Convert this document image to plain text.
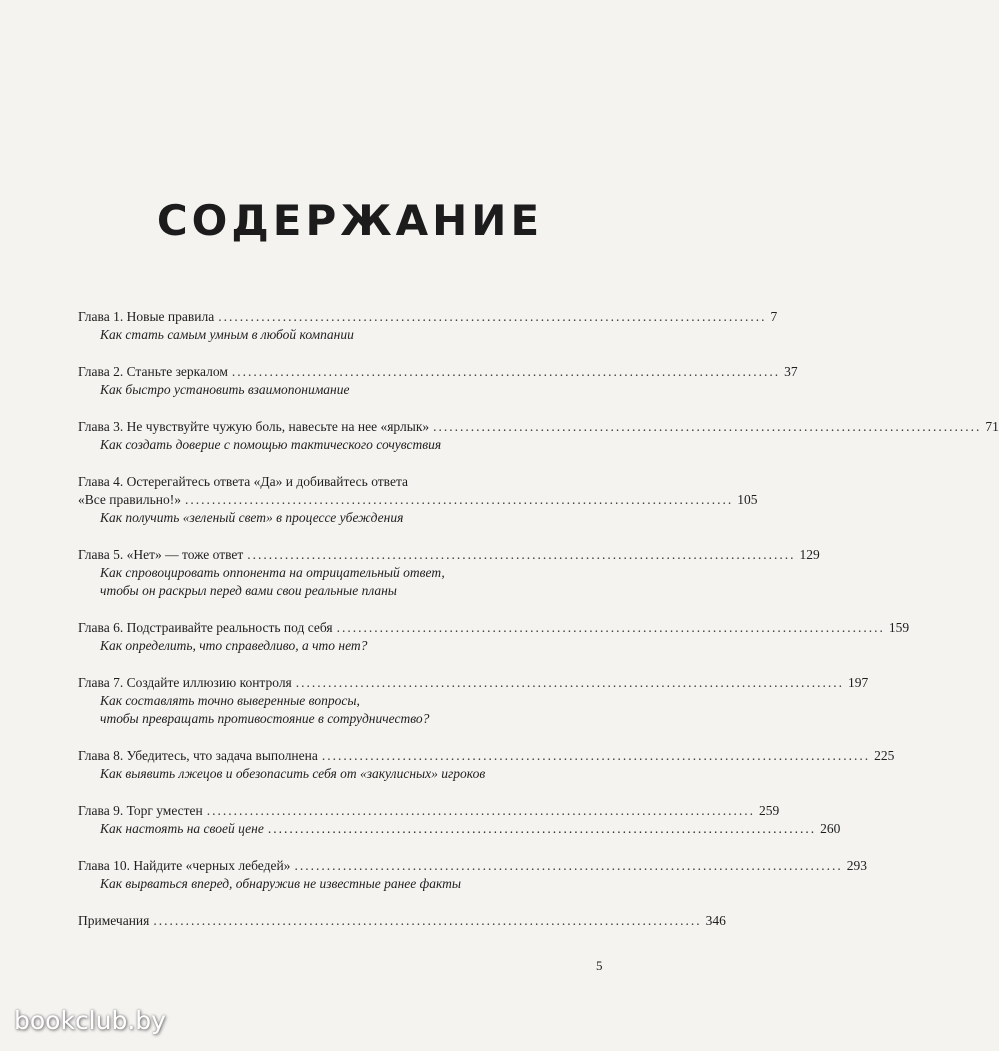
СОДЕРЖАНИЕ
Глава 1. Новые правила ...................................................................................................... 7
Как стать самым умным в любой компании
Глава 2. Станьте зеркалом ...................................................................................................... 37
Как быстро установить взаимопонимание
Глава 3. Не чувствуйте чужую боль, навесьте на нее «ярлык» ...................................................................................................... 71
Как создать доверие с помощью тактического сочувствия
Глава 4. Остерегайтесь ответа «Да» и добивайтесь ответа
«Все правильно!» ...................................................................................................... 105
Как получить «зеленый свет» в процессе убеждения
Глава 5. «Нет» — тоже ответ ...................................................................................................... 129
Как спровоцировать оппонента на отрицательный ответ,
чтобы он раскрыл перед вами свои реальные планы
Глава 6. Подстраивайте реальность под себя ...................................................................................................... 159
Как определить, что справедливо, а что нет?
Глава 7. Создайте иллюзию контроля ...................................................................................................... 197
Как составлять точно выверенные вопросы,
чтобы превращать противостояние в сотрудничество?
Глава 8. Убедитесь, что задача выполнена ...................................................................................................... 225
Как выявить лжецов и обезопасить себя от «закулисных» игроков
Глава 9. Торг уместен ...................................................................................................... 259
Как настоять на своей цене ...................................................................................................... 260
Глава 10. Найдите «черных лебедей» ...................................................................................................... 293
Как вырваться вперед, обнаружив не известные ранее факты
Примечания ...................................................................................................... 346
5
bookclub.by
